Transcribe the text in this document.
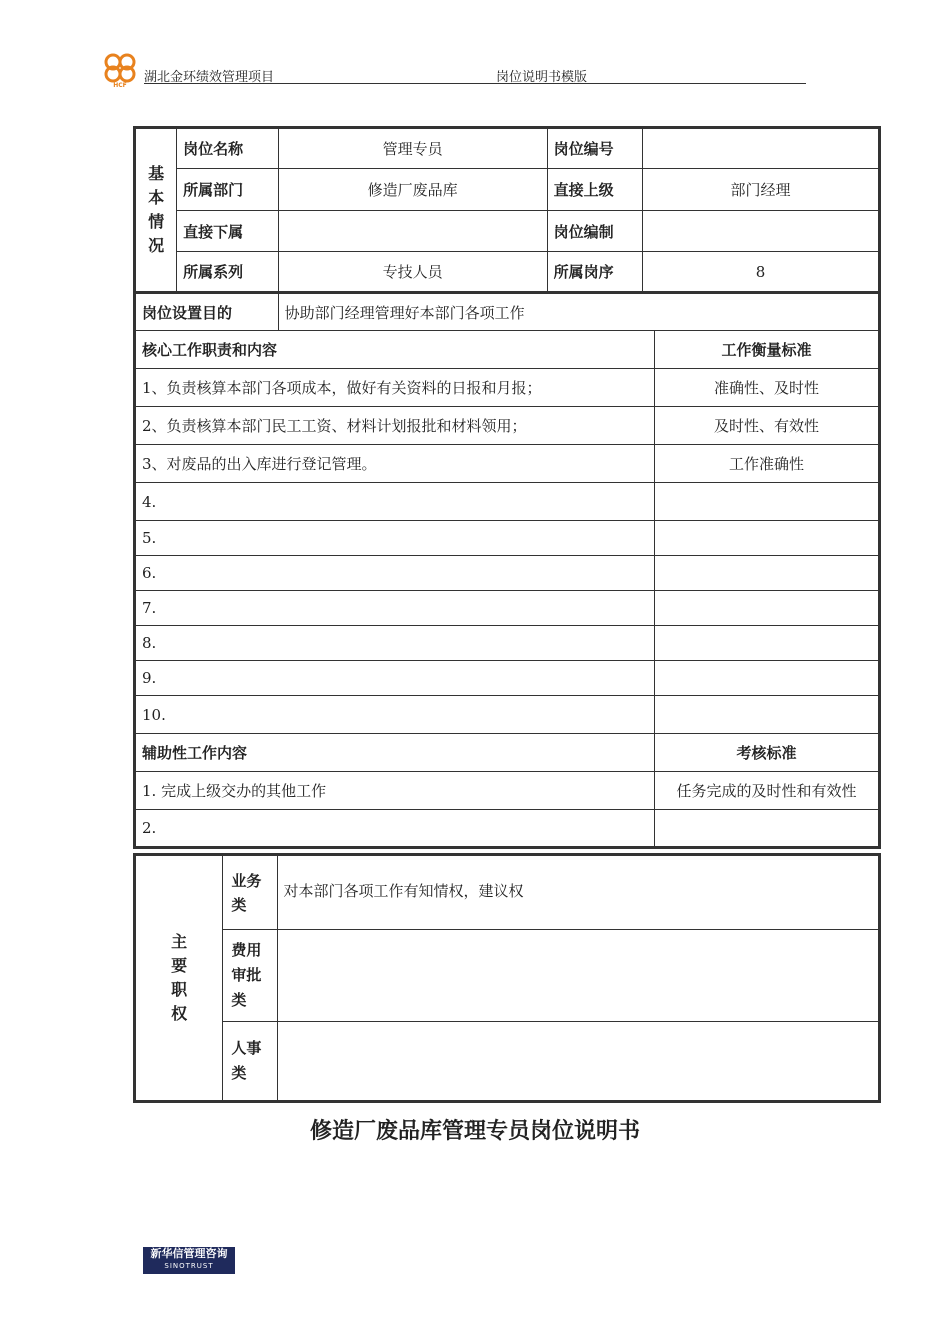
HCF
湖北金环绩效管理项目	岗位说明书模版
基本情况	岗位名称	管理专员	岗位编号	
	所属部门	修造厂废品库	直接上级	部门经理
	直接下属		岗位编制	
	所属系列	专技人员	所属岗序	8
岗位设置目的	协助部门经理管理好本部门各项工作	
核心工作职责和内容		工作衡量标准
1、负责核算本部门各项成本，做好有关资料的日报和月报；		准确性、及时性
2、负责核算本部门民工工资、材料计划报批和材料领用；		及时性、有效性
3、对废品的出入库进行登记管理。		工作准确性
4.		
5.		
6.		
7.		
8.		
9.		
10.		
辅助性工作内容		考核标准
1. 完成上级交办的其他工作		任务完成的及时性和有效性
2.		
主要职权	业务类	对本部门各项工作有知情权，建议权
	费用审批类	
	人事类	
修造厂废品库管理专员岗位说明书
新华信管理咨询
SINOTRUST
